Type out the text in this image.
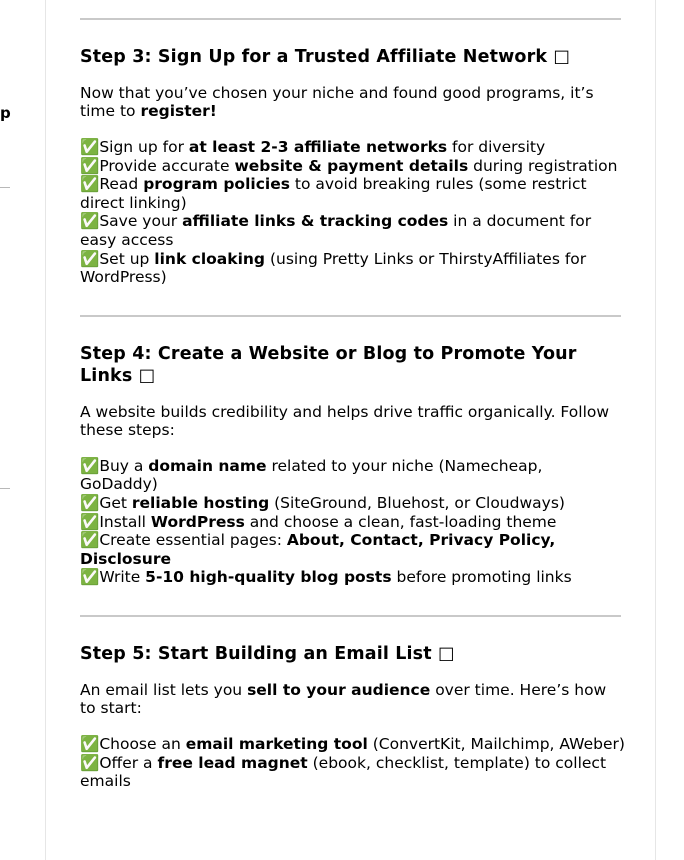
p
Step 3: Sign Up for a Trusted Affiliate Network □

Now that you’ve chosen your niche and found good programs, it’s time to register!

✅Sign up for at least 2-3 affiliate networks for diversity
✅Provide accurate website & payment details during registration
✅Read program policies to avoid breaking rules (some restrict direct linking)
✅Save your affiliate links & tracking codes in a document for easy access
✅Set up link cloaking (using Pretty Links or ThirstyAffiliates for WordPress)
Step 4: Create a Website or Blog to Promote Your Links □

A website builds credibility and helps drive traffic organically. Follow these steps:

✅Buy a domain name related to your niche (Namecheap, GoDaddy)
✅Get reliable hosting (SiteGround, Bluehost, or Cloudways)
✅Install WordPress and choose a clean, fast-loading theme
✅Create essential pages: About, Contact, Privacy Policy, Disclosure
✅Write 5-10 high-quality blog posts before promoting links
Step 5: Start Building an Email List □

An email list lets you sell to your audience over time. Here’s how to start:

✅Choose an email marketing tool (ConvertKit, Mailchimp, AWeber)
✅Offer a free lead magnet (ebook, checklist, template) to collect emails
